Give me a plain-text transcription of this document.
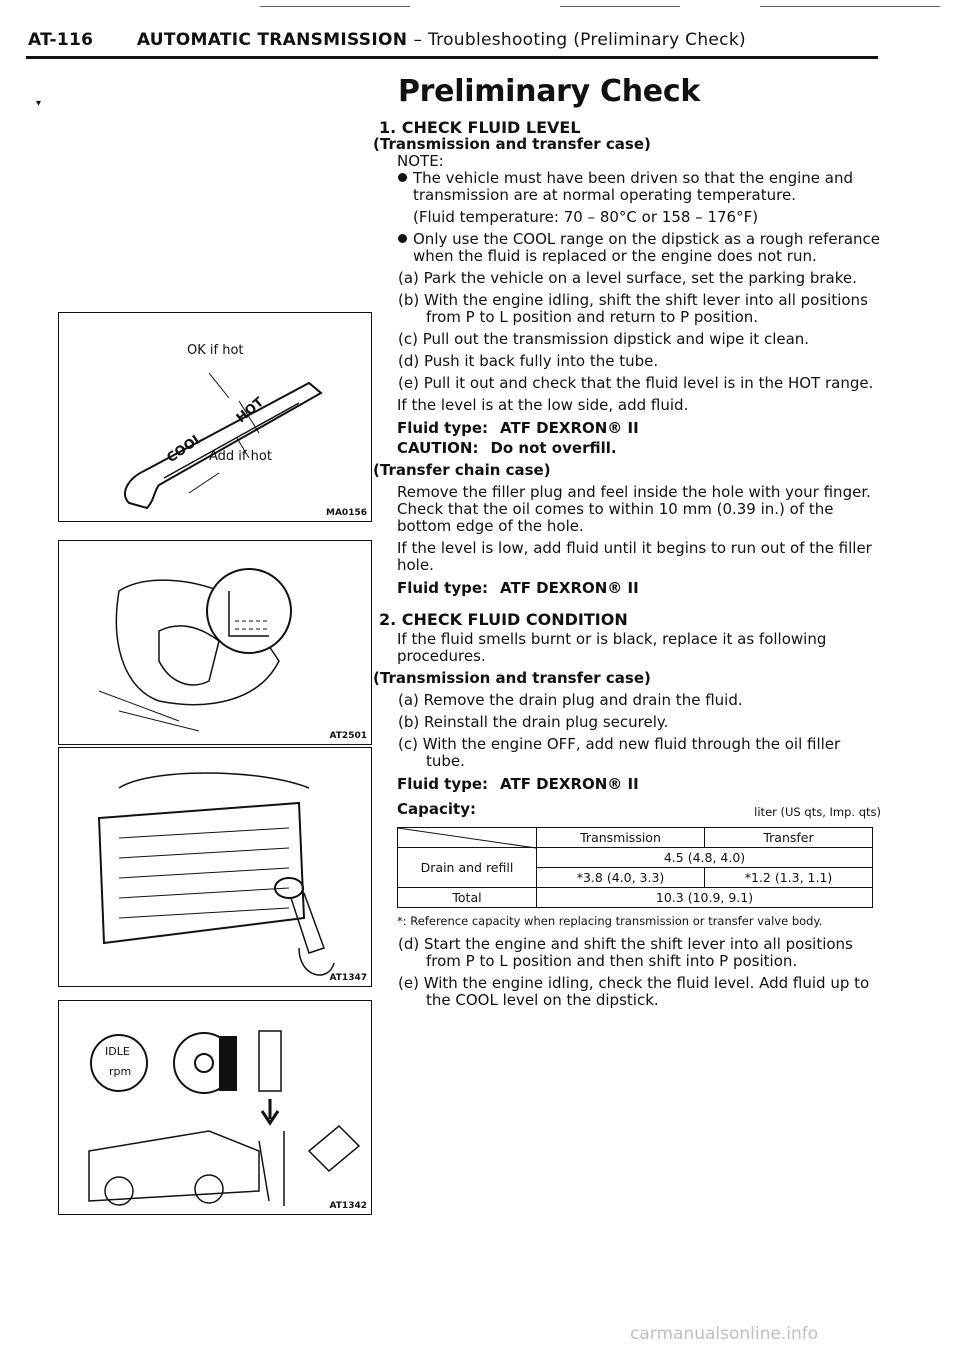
AT-116	AUTOMATIC TRANSMISSION – Troubleshooting (Preliminary Check)
▾	Preliminary Check

1. CHECK FLUID LEVEL

(Transmission and transfer case)

NOTE:

The vehicle must have been driven so that the engine and transmission are at normal operating temperature.

(Fluid temperature: 70 – 80°C or 158 – 176°F)

Only use the COOL range on the dipstick as a rough referance when the fluid is replaced or the engine does not run.

(a) Park the vehicle on a level surface, set the parking brake.

(b) With the engine idling, shift the shift lever into all positions from P to L position and return to P position.

(c) Pull out the transmission dipstick and wipe it clean.

(d) Push it back fully into the tube.

(e) Pull it out and check that the fluid level is in the HOT range.

If the level is at the low side, add fluid.

Fluid type: ATF DEXRON® II

CAUTION: Do not overfill.

(Transfer chain case)

Remove the filler plug and feel inside the hole with your finger. Check that the oil comes to within 10 mm (0.39 in.) of the bottom edge of the hole.

If the level is low, add fluid until it begins to run out of the filler hole.

Fluid type: ATF DEXRON® II

2. CHECK FLUID CONDITION

If the fluid smells burnt or is black, replace it as following procedures.

(Transmission and transfer case)

(a) Remove the drain plug and drain the fluid.

(b) Reinstall the drain plug securely.

(c) With the engine OFF, add new fluid through the oil filler tube.

Fluid type: ATF DEXRON® II

Capacity:	liter (US qts, Imp. qts)

	Transmission	Transfer
Drain and refill	4.5 (4.8, 4.0)	
	*3.8 (4.0, 3.3)	*1.2 (1.3, 1.1)
Total	10.3 (10.9, 9.1)	

*: Reference capacity when replacing transmission or transfer valve body.

(d) Start the engine and shift the shift lever into all positions from P to L position and then shift into P position.

(e) With the engine idling, check the fluid level. Add fluid up to the COOL level on the dipstick.

OK if hot
Add if hot
HOT
COOL
MA0156
AT2501
AT1347
IDLE
rpm
AT1342
carmanualsonline.info
